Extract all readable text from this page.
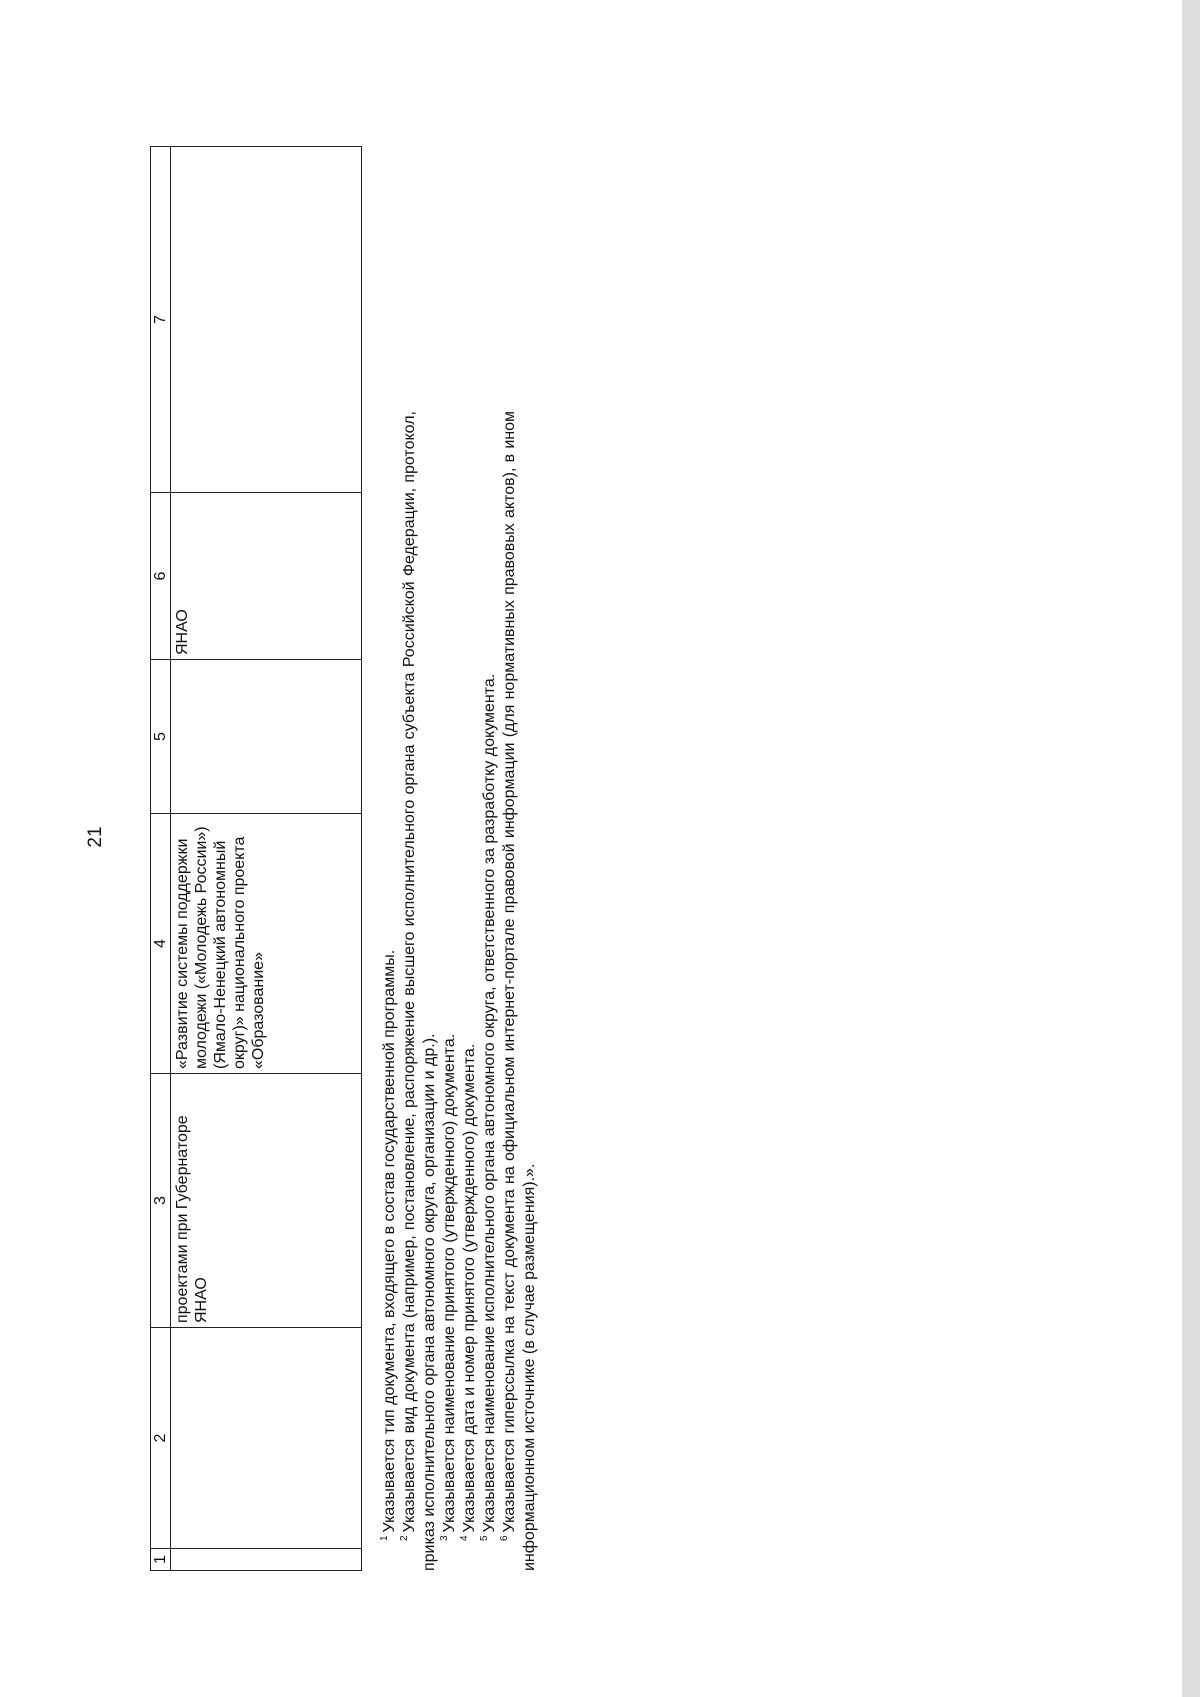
21
1	2	3	4	5	6	7
		проектами при Губернаторе ЯНАО	«Развитие системы поддержки молодежи («Молодежь России») (Ямало-Ненецкий автономный округ)» национального проекта «Образование»		ЯНАО	

$^1$Указывается тип документа, входящего в состав государственной программы.

$^2$Указывается вид документа (например, постановление, распоряжение высшего исполнительного органа субъекта Российской Федерации, протокол, приказ исполнительного органа автономного округа, организации и др.). $^3$Указывается наименование принятого (утвержденного) документа.

$^4$Указывается дата и номер принятого (утвержденного) документа.

$^5$Указывается наименование исполнительного органа автономного округа, ответственного за разработку документа.

$^6$Указывается гиперссылка на текст документа на официальном интернет-портале правовой информации (для нормативных правовых актов), в ином информационном источнике (в случае размещения).».
